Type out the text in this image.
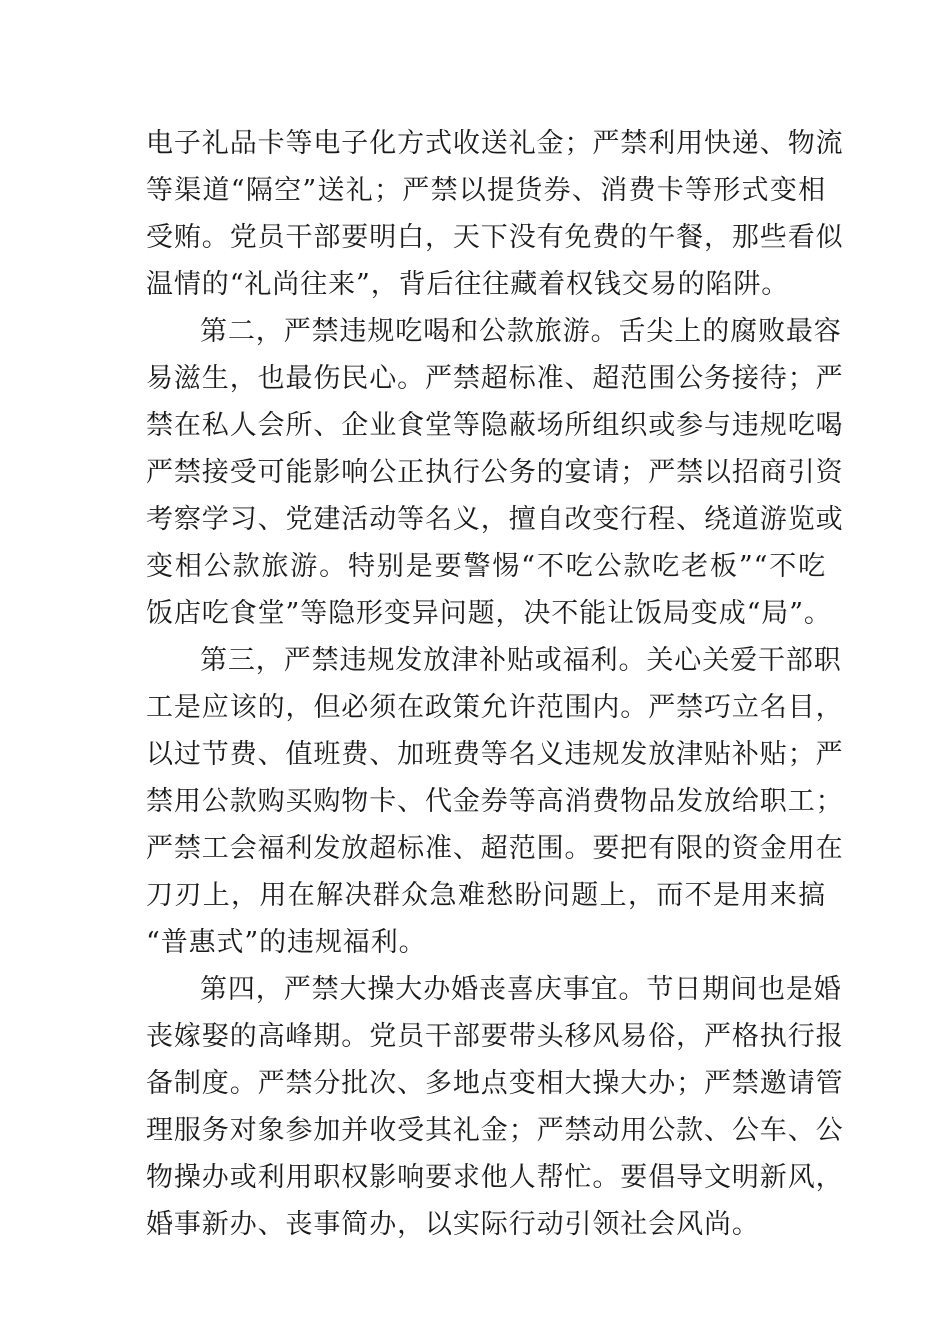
电子礼品卡等电子化方式收送礼金；严禁利用快递、物流
等渠道“隔空”送礼；严禁以提货券、消费卡等形式变相
受贿。党员干部要明白，天下没有免费的午餐，那些看似
温情的“礼尚往来”，背后往往藏着权钱交易的陷阱。
第二，严禁违规吃喝和公款旅游。舌尖上的腐败最容
易滋生，也最伤民心。严禁超标准、超范围公务接待；严
禁在私人会所、企业食堂等隐蔽场所组织或参与违规吃喝
严禁接受可能影响公正执行公务的宴请；严禁以招商引资
考察学习、党建活动等名义，擅自改变行程、绕道游览或
变相公款旅游。特别是要警惕“不吃公款吃老板”“不吃
饭店吃食堂”等隐形变异问题，决不能让饭局变成“局”。
第三，严禁违规发放津补贴或福利。关心关爱干部职
工是应该的，但必须在政策允许范围内。严禁巧立名目，
以过节费、值班费、加班费等名义违规发放津贴补贴；严
禁用公款购买购物卡、代金券等高消费物品发放给职工；
严禁工会福利发放超标准、超范围。要把有限的资金用在
刀刃上，用在解决群众急难愁盼问题上，而不是用来搞
“普惠式”的违规福利。
第四，严禁大操大办婚丧喜庆事宜。节日期间也是婚
丧嫁娶的高峰期。党员干部要带头移风易俗，严格执行报
备制度。严禁分批次、多地点变相大操大办；严禁邀请管
理服务对象参加并收受其礼金；严禁动用公款、公车、公
物操办或利用职权影响要求他人帮忙。要倡导文明新风，
婚事新办、丧事简办，以实际行动引领社会风尚。
